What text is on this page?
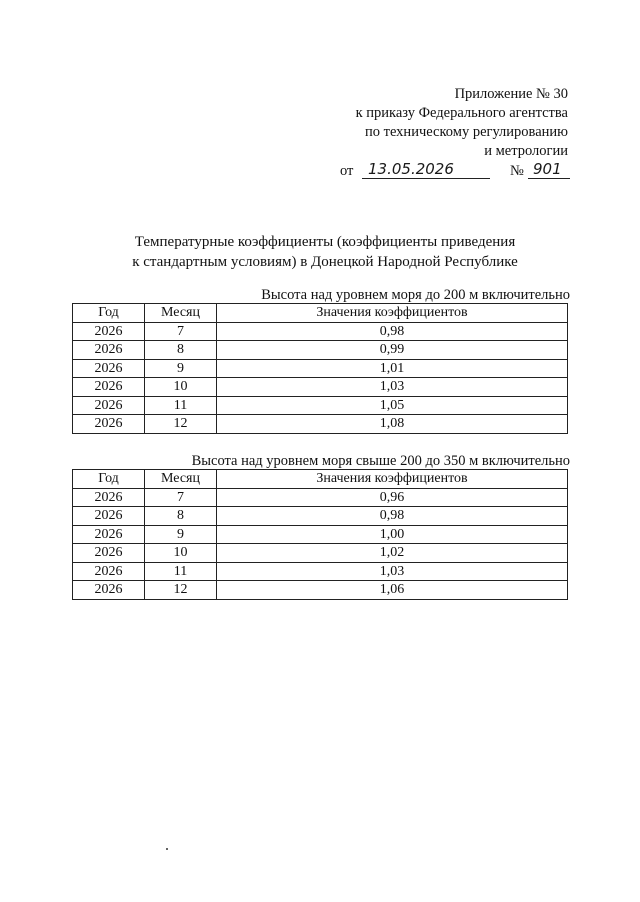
Приложение № 30
к приказу Федерального агентства
по техническому регулированию
и метрологии
от 13.05.2026	№ 901
Температурные коэффициенты (коэффициенты приведения
к стандартным условиям) в Донецкой Народной Республике
Высота над уровнем моря до 200 м включительно
Год	Месяц	Значения коэффициентов
2026	7	0,98
2026	8	0,99
2026	9	1,01
2026	10	1,03
2026	11	1,05
2026	12	1,08
Высота над уровнем моря свыше 200 до 350 м включительно
Год	Месяц	Значения коэффициентов
2026	7	0,96
2026	8	0,98
2026	9	1,00
2026	10	1,02
2026	11	1,03
2026	12	1,06
